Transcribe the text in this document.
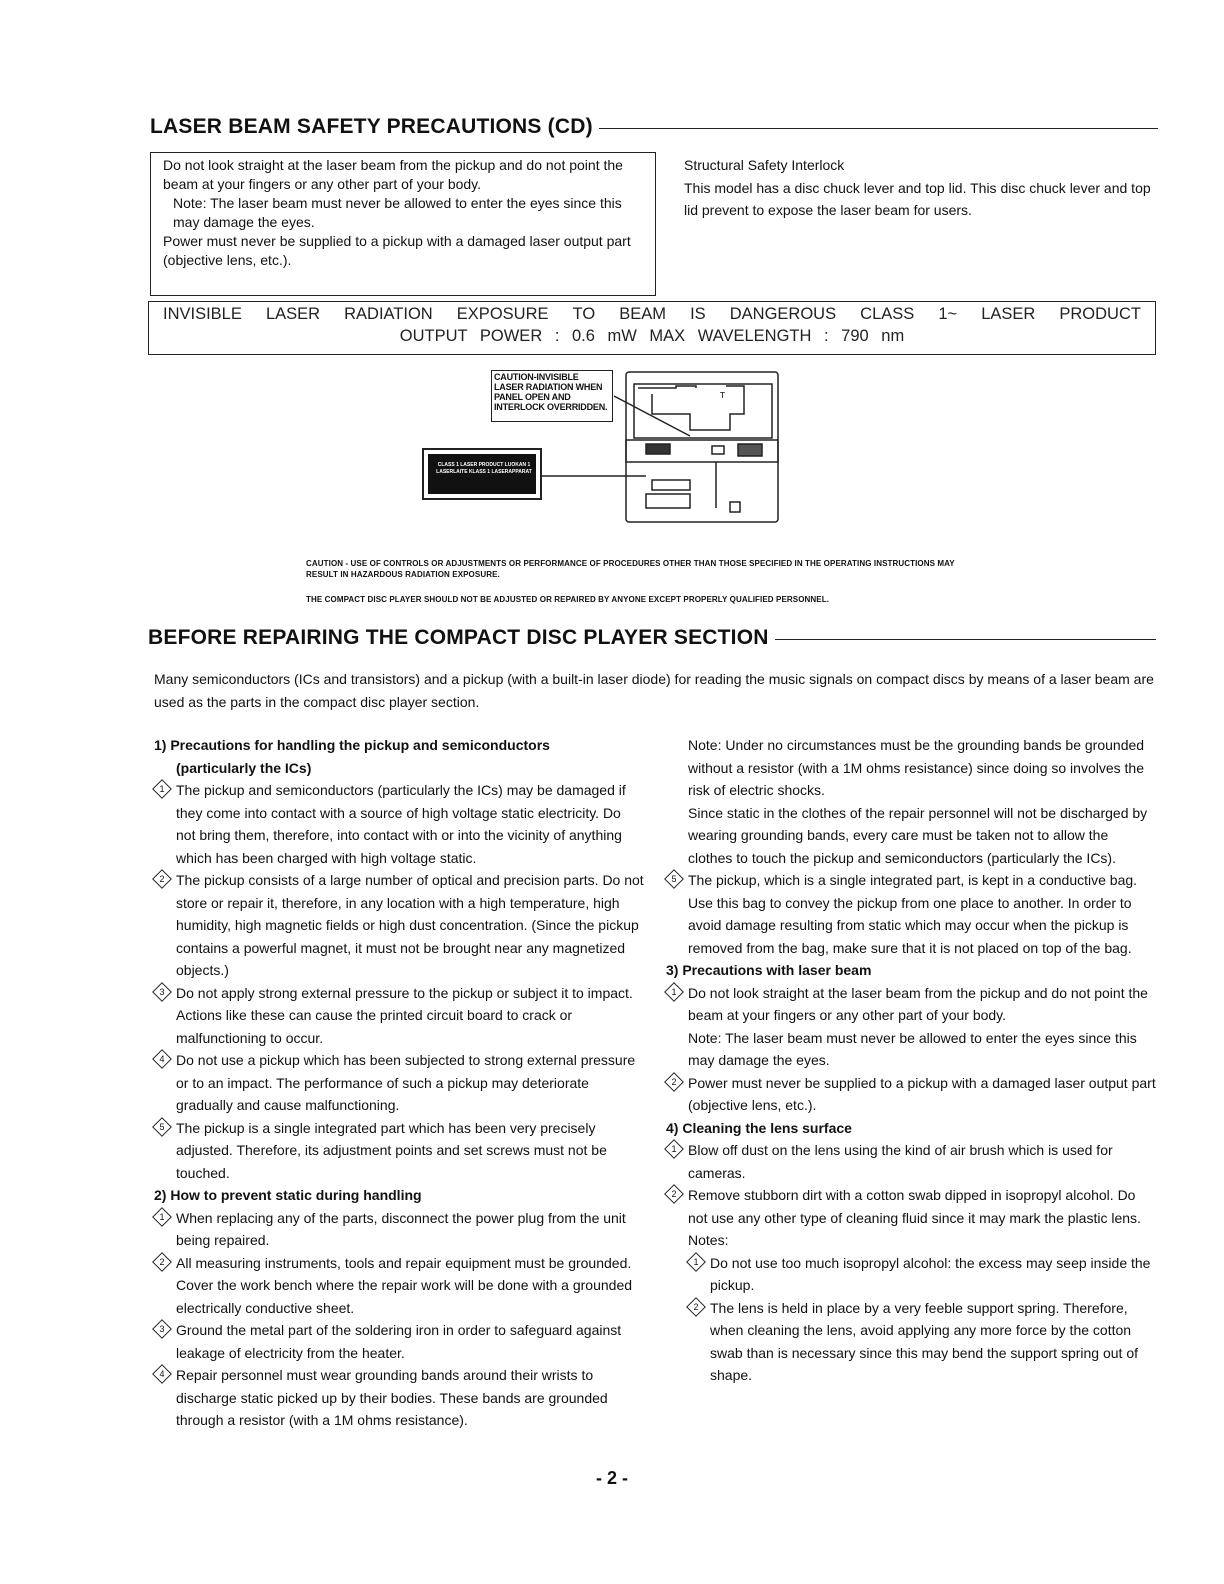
LASER BEAM SAFETY PRECAUTIONS (CD)

Do not look straight at the laser beam from the pickup and do not point the beam at your fingers or any other part of your body.

Note: The laser beam must never be allowed to enter the eyes since this may damage the eyes.

Power must never be supplied to a pickup with a damaged laser output part (objective lens, etc.).

Structural Safety Interlock
This model has a disc chuck lever and top lid. This disc chuck lever and top lid prevent to expose the laser beam for users.
INVISIBLE LASER RADIATION EXPOSURE TO BEAM IS DANGEROUS CLASS 1~ LASER PRODUCT
OUTPUT POWER : 0.6 mW MAX WAVELENGTH : 790 nm
CAUTION-INVISIBLE LASER RADIATION WHEN PANEL OPEN AND INTERLOCK OVERRIDDEN.
CLASS 1 LASER PRODUCT LUOKAN 1 LASERLAITE KLASS 1 LASERAPPARAT
T
CAUTION - USE OF CONTROLS OR ADJUSTMENTS OR PERFORMANCE OF PROCEDURES OTHER THAN THOSE SPECIFIED IN THE OPERATING INSTRUCTIONS MAY RESULT IN HAZARDOUS RADIATION EXPOSURE.
THE COMPACT DISC PLAYER SHOULD NOT BE ADJUSTED OR REPAIRED BY ANYONE EXCEPT PROPERLY QUALIFIED PERSONNEL.
BEFORE REPAIRING THE COMPACT DISC PLAYER SECTION
Many semiconductors (ICs and transistors) and a pickup (with a built-in laser diode) for reading the music signals on compact discs by means of a laser beam are used as the parts in the compact disc player section.
1) Precautions for handling the pickup and semiconductors
(particularly the ICs)
1 The pickup and semiconductors (particularly the ICs) may be damaged if they come into contact with a source of high voltage static electricity. Do not bring them, therefore, into contact with or into the vicinity of anything which has been charged with high voltage static.
2 The pickup consists of a large number of optical and precision parts. Do not store or repair it, therefore, in any location with a high temperature, high humidity, high magnetic fields or high dust concentration. (Since the pickup contains a powerful magnet, it must not be brought near any magnetized objects.)
3 Do not apply strong external pressure to the pickup or subject it to impact. Actions like these can cause the printed circuit board to crack or malfunctioning to occur.
4 Do not use a pickup which has been subjected to strong external pressure or to an impact. The performance of such a pickup may deteriorate gradually and cause malfunctioning.
5 The pickup is a single integrated part which has been very precisely adjusted. Therefore, its adjustment points and set screws must not be touched.
2) How to prevent static during handling
1 When replacing any of the parts, disconnect the power plug from the unit being repaired.
2 All measuring instruments, tools and repair equipment must be grounded. Cover the work bench where the repair work will be done with a grounded electrically conductive sheet.
3 Ground the metal part of the soldering iron in order to safeguard against leakage of electricity from the heater.
4 Repair personnel must wear grounding bands around their wrists to discharge static picked up by their bodies. These bands are grounded through a resistor (with a 1M ohms resistance).
Note: Under no circumstances must be the grounding bands be grounded without a resistor (with a 1M ohms resistance) since doing so involves the risk of electric shocks.
Since static in the clothes of the repair personnel will not be discharged by wearing grounding bands, every care must be taken not to allow the clothes to touch the pickup and semiconductors (particularly the ICs).
5 The pickup, which is a single integrated part, is kept in a conductive bag. Use this bag to convey the pickup from one place to another. In order to avoid damage resulting from static which may occur when the pickup is removed from the bag, make sure that it is not placed on top of the bag.
3) Precautions with laser beam
1 Do not look straight at the laser beam from the pickup and do not point the beam at your fingers or any other part of your body.
Note: The laser beam must never be allowed to enter the eyes since this may damage the eyes.
2 Power must never be supplied to a pickup with a damaged laser output part (objective lens, etc.).
4) Cleaning the lens surface
1 Blow off dust on the lens using the kind of air brush which is used for cameras.
2 Remove stubborn dirt with a cotton swab dipped in isopropyl alcohol. Do not use any other type of cleaning fluid since it may mark the plastic lens.
Notes:
1 Do not use too much isopropyl alcohol: the excess may seep inside the pickup.
2 The lens is held in place by a very feeble support spring. Therefore, when cleaning the lens, avoid applying any more force by the cotton swab than is necessary since this may bend the support spring out of shape.
- 2 -
